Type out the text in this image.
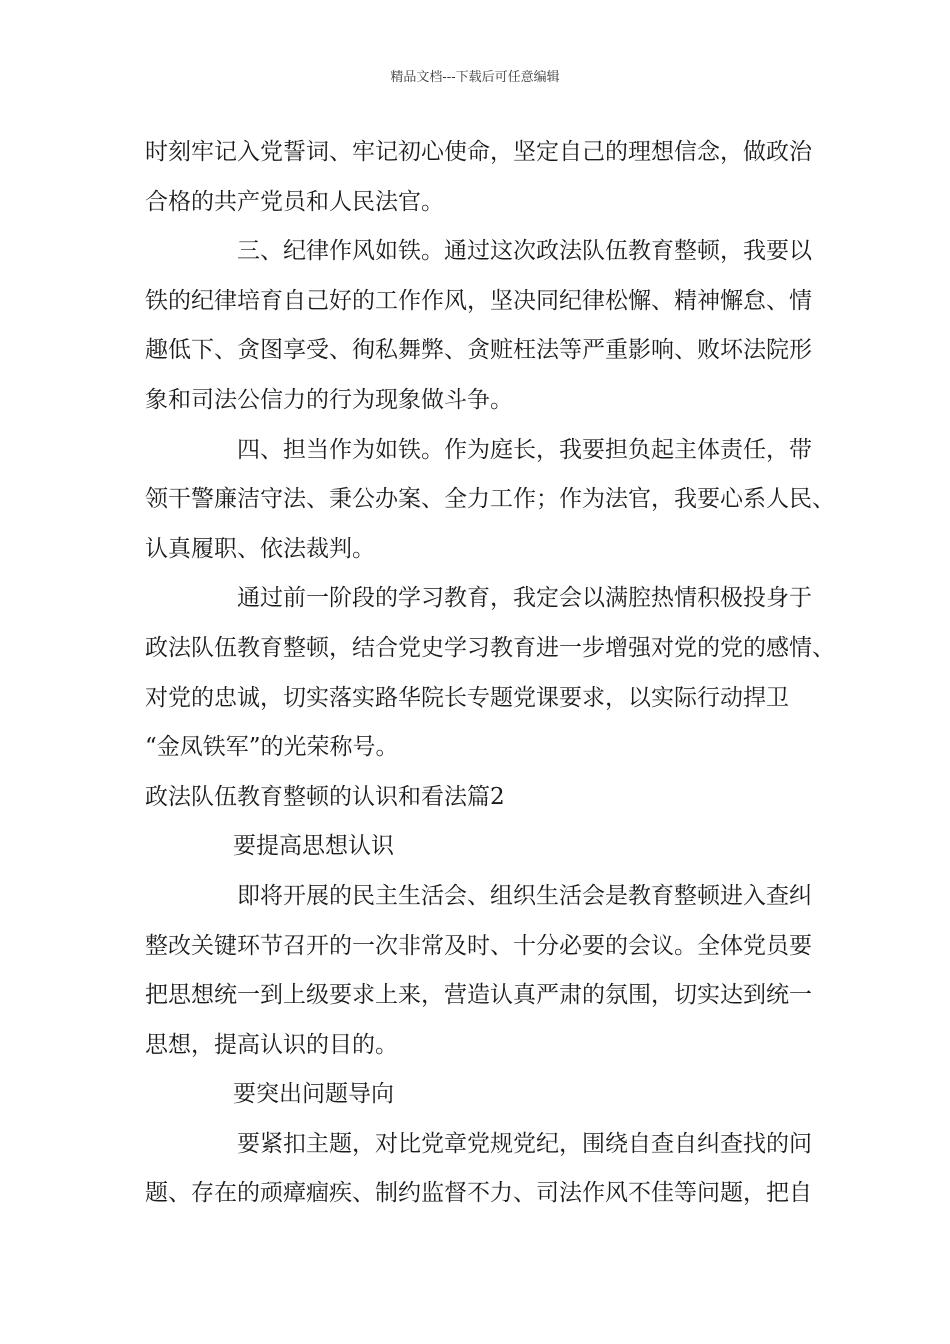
精品文档---下载后可任意编辑

时刻牢记入党誓词、牢记初心使命，坚定自己的理想信念，做政治

合格的共产党员和人民法官。

三、纪律作风如铁。通过这次政法队伍教育整顿，我要以

铁的纪律培育自己好的工作作风，坚决同纪律松懈、精神懈怠、情

趣低下、贪图享受、徇私舞弊、贪赃枉法等严重影响、败坏法院形

象和司法公信力的行为现象做斗争。

四、担当作为如铁。作为庭长，我要担负起主体责任，带

领干警廉洁守法、秉公办案、全力工作；作为法官，我要心系人民、

认真履职、依法裁判。

通过前一阶段的学习教育，我定会以满腔热情积极投身于

政法队伍教育整顿，结合党史学习教育进一步增强对党的党的感情、

对党的忠诚，切实落实路华院长专题党课要求，以实际行动捍卫

“金凤铁军”的光荣称号。

政法队伍教育整顿的认识和看法篇2

要提高思想认识

即将开展的民主生活会、组织生活会是教育整顿进入查纠

整改关键环节召开的一次非常及时、十分必要的会议。全体党员要

把思想统一到上级要求上来，营造认真严肃的氛围，切实达到统一

思想，提高认识的目的。

要突出问题导向

要紧扣主题，对比党章党规党纪，围绕自查自纠查找的问

题、存在的顽瘴痼疾、制约监督不力、司法作风不佳等问题，把自
